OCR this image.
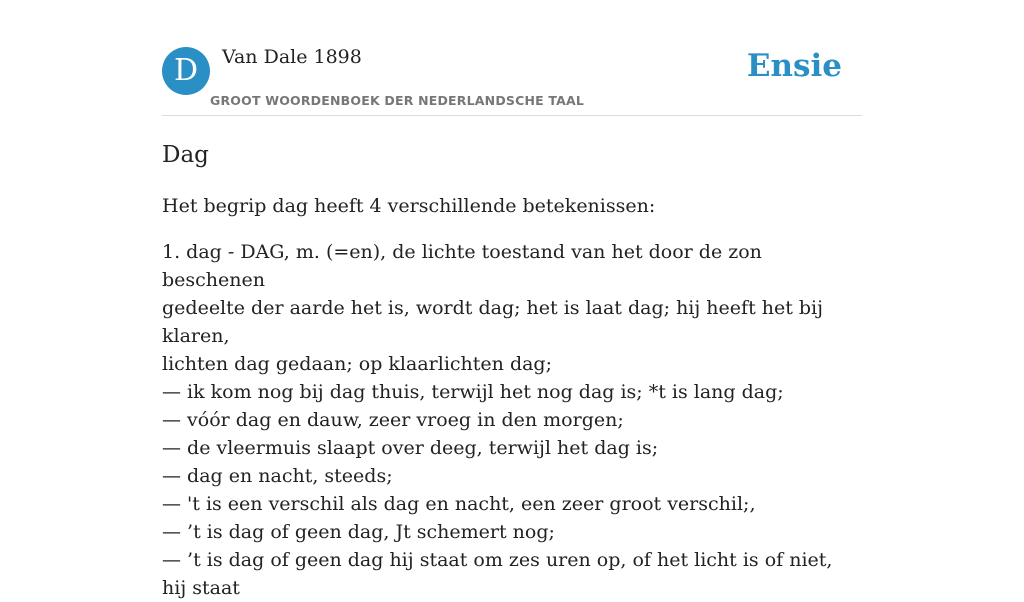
D	Van Dale 1898
GROOT WOORDENBOEK DER NEDERLANDSCHE TAAL
Ensie
Dag

Het begrip dag heeft 4 verschillende betekenissen:

1. dag - DAG, m. (=en), de lichte toestand van het door de zon beschenen
gedeelte der aarde het is, wordt dag; het is laat dag; hij heeft het bij klaren,
lichten dag gedaan; op klaarlichten dag;
— ik kom nog bij dag thuis, terwijl het nog dag is; *t is lang dag;
— vóór dag en dauw, zeer vroeg in den morgen;
— de vleermuis slaapt over deeg, terwijl het dag is;
— dag en nacht, steeds;
— 't is een verschil als dag en nacht, een zeer groot verschil;,
— ’t is dag of geen dag, Jt schemert nog;
— ’t is dag of geen dag hij staat om zes uren op, of het licht is of niet, hij staat
